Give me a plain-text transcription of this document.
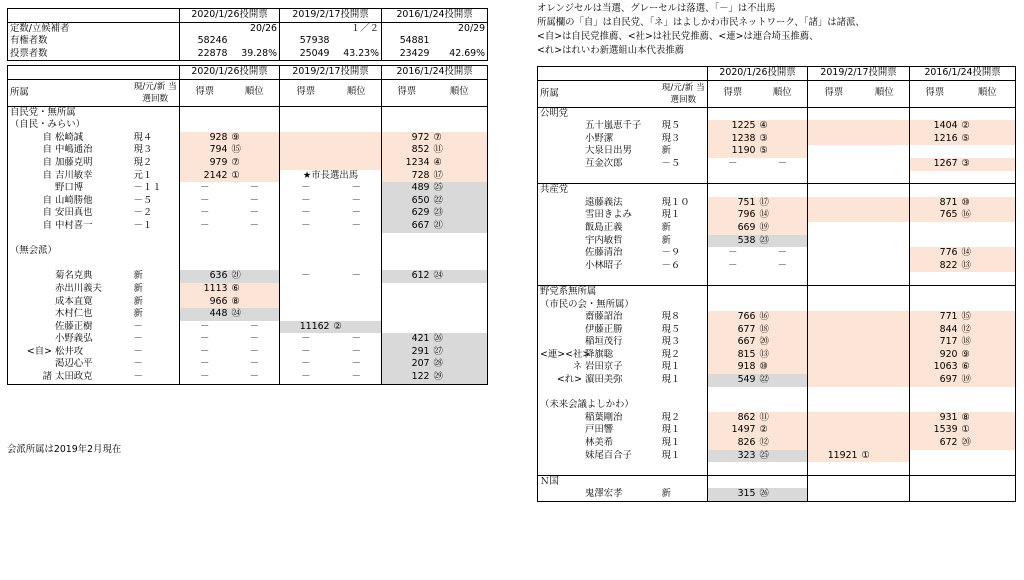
	2020/1/26投開票		2019/2/17投開票		2016/1/24投開票	
定数/立候補者		20/26		１／２		20/29
有権者数	58246		57938		54881	
投票者数	22878	39.28%	25049	43.23%	23429	42.69%
		2020/1/26投開票		2019/2/17投開票		2016/1/24投開票	
所属	現/元/新 当選回数	得票	順位	得票	順位	得票	順位
自民党・無所属							
（自民・みらい）							
自 松崎誠	現４	928	⑨			972	⑦
自 中嶋通治	現３	794	⑮			852	⑪
自 加藤克明	現２	979	⑦			1234	④
自 吉川敏幸	元１	2142	①	★市長選出馬		728	⑰
野口博	－１１	－	－	－	－	489	㉕
自 山崎勝他	－５	－	－	－	－	650	㉒
自 安田真也	－２	－	－	－	－	629	㉓
自 中村喜一	－１	－	－	－	－	667	㉑

（無会派）							

菊名克典	新	636	㉑	－	－	612	㉔
赤出川義夫	新	1113	⑥				
成本直寛	新	966	⑧				
木村仁也	新	448	㉔				
佐藤正樹	－	－	－	11162	②		
小野義弘	－	－	－	－	－	421	㉖
<自> 松井攻	－	－	－	－	－	291	㉗
渇辺心平	－	－	－	－	－	207	㉘
諸 太田政克	－	－	－	－	－	122	㉙
会派所属は2019年2月現在
オレンジセルは当選、グレーセルは落選、「－」は不出馬
所属欄の「自」は自民党、「ネ」はよしかわ市民ネットワーク、「諸」は諸派、
<自>は自民党推薦、<社>は社民党推薦、<連>は連合埼玉推薦、
<れ>はれいわ新選組山本代表推薦
		2020/1/26投開票		2019/2/17投開票		2016/1/24投開票	
所属	現/元/新 当選回数	得票	順位	得票	順位	得票	順位
公明党							
五十嵐恵千子	現５	1225	④			1404	②
小野潔	現３	1238	③			1216	⑤
大泉日出男	新	1190	⑤				
互金次郎	－５	－	－			1267	③

共産党							
遠藤義法	現１０	751	⑰			871	⑩
雪田きよみ	現１	796	⑭			765	⑯
飯島正義	新	669	⑲				
宇内敏哲	新	538	㉓				
佐藤清治	－９	－	－			776	⑭
小林昭子	－６	－	－			822	⑬

野党系無所属							
（市民の会・無所属）							
齋藤詔治	現８	766	⑯			771	⑮
伊藤正勝	現５	677	⑱			844	⑫
稲垣茂行	現３	667	⑳			717	⑱
<連><社>降旗聡	現２	815	⑬			920	⑨
ネ 岩田京子	現１	918	⑩			1063	⑥
<れ> 濵田美弥	現１	549	㉒			697	⑲

（未来会議よしかわ）							
稲葉剛治	現２	862	⑪			931	⑧
戸田響	現１	1497	②			1539	①
林美希	現１	826	⑫			672	⑳
妹尾百合子	現１	323	㉕	11921	①		

Ｎ国							
鬼澤宏孝	新	315	㉖				
